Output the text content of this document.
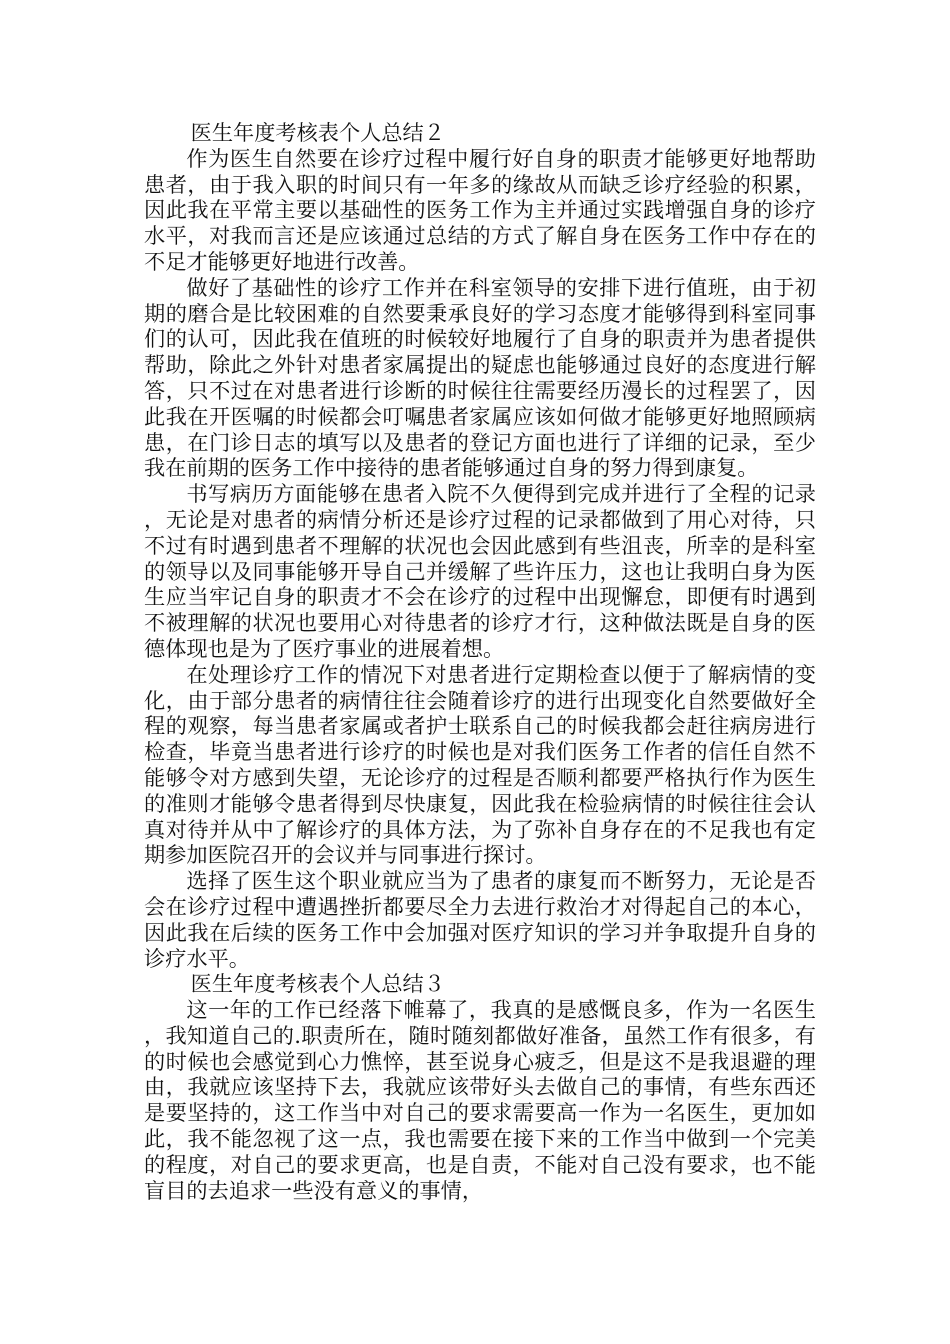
医生年度考核表个人总结２

作为医生自然要在诊疗过程中履行好自身的职责才能够更好地帮助患者，由于我入职的时间只有一年多的缘故从而缺乏诊疗经验的积累，因此我在平常主要以基础性的医务工作为主并通过实践增强自身的诊疗水平，对我而言还是应该通过总结的方式了解自身在医务工作中存在的不足才能够更好地进行改善。

做好了基础性的诊疗工作并在科室领导的安排下进行值班，由于初期的磨合是比较困难的自然要秉承良好的学习态度才能够得到科室同事们的认可，因此我在值班的时候较好地履行了自身的职责并为患者提供帮助，除此之外针对患者家属提出的疑虑也能够通过良好的态度进行解答，只不过在对患者进行诊断的时候往往需要经历漫长的过程罢了，因此我在开医嘱的时候都会叮嘱患者家属应该如何做才能够更好地照顾病患，在门诊日志的填写以及患者的登记方面也进行了详细的记录，至少我在前期的医务工作中接待的患者能够通过自身的努力得到康复。

书写病历方面能够在患者入院不久便得到完成并进行了全程的记录，无论是对患者的病情分析还是诊疗过程的记录都做到了用心对待，只不过有时遇到患者不理解的状况也会因此感到有些沮丧，所幸的是科室的领导以及同事能够开导自己并缓解了些许压力，这也让我明白身为医生应当牢记自身的职责才不会在诊疗的过程中出现懈怠，即便有时遇到不被理解的状况也要用心对待患者的诊疗才行，这种做法既是自身的医德体现也是为了医疗事业的进展着想。

在处理诊疗工作的情况下对患者进行定期检查以便于了解病情的变化，由于部分患者的病情往往会随着诊疗的进行出现变化自然要做好全程的观察，每当患者家属或者护士联系自己的时候我都会赶往病房进行检查，毕竟当患者进行诊疗的时候也是对我们医务工作者的信任自然不能够令对方感到失望，无论诊疗的过程是否顺利都要严格执行作为医生的准则才能够令患者得到尽快康复，因此我在检验病情的时候往往会认真对待并从中了解诊疗的具体方法，为了弥补自身存在的不足我也有定期参加医院召开的会议并与同事进行探讨。

选择了医生这个职业就应当为了患者的康复而不断努力，无论是否会在诊疗过程中遭遇挫折都要尽全力去进行救治才对得起自己的本心，因此我在后续的医务工作中会加强对医疗知识的学习并争取提升自身的诊疗水平。

医生年度考核表个人总结３

这一年的工作已经落下帷幕了，我真的是感慨良多，作为一名医生，我知道自己的.职责所在，随时随刻都做好准备，虽然工作有很多，有的时候也会感觉到心力憔悴，甚至说身心疲乏，但是这不是我退避的理由，我就应该坚持下去，我就应该带好头去做自己的事情，有些东西还是要坚持的，这工作当中对自己的要求需要高一作为一名医生，更加如此，我不能忽视了这一点，我也需要在接下来的工作当中做到一个完美的程度，对自己的要求更高，也是自责，不能对自己没有要求，也不能盲目的去追求一些没有意义的事情，
